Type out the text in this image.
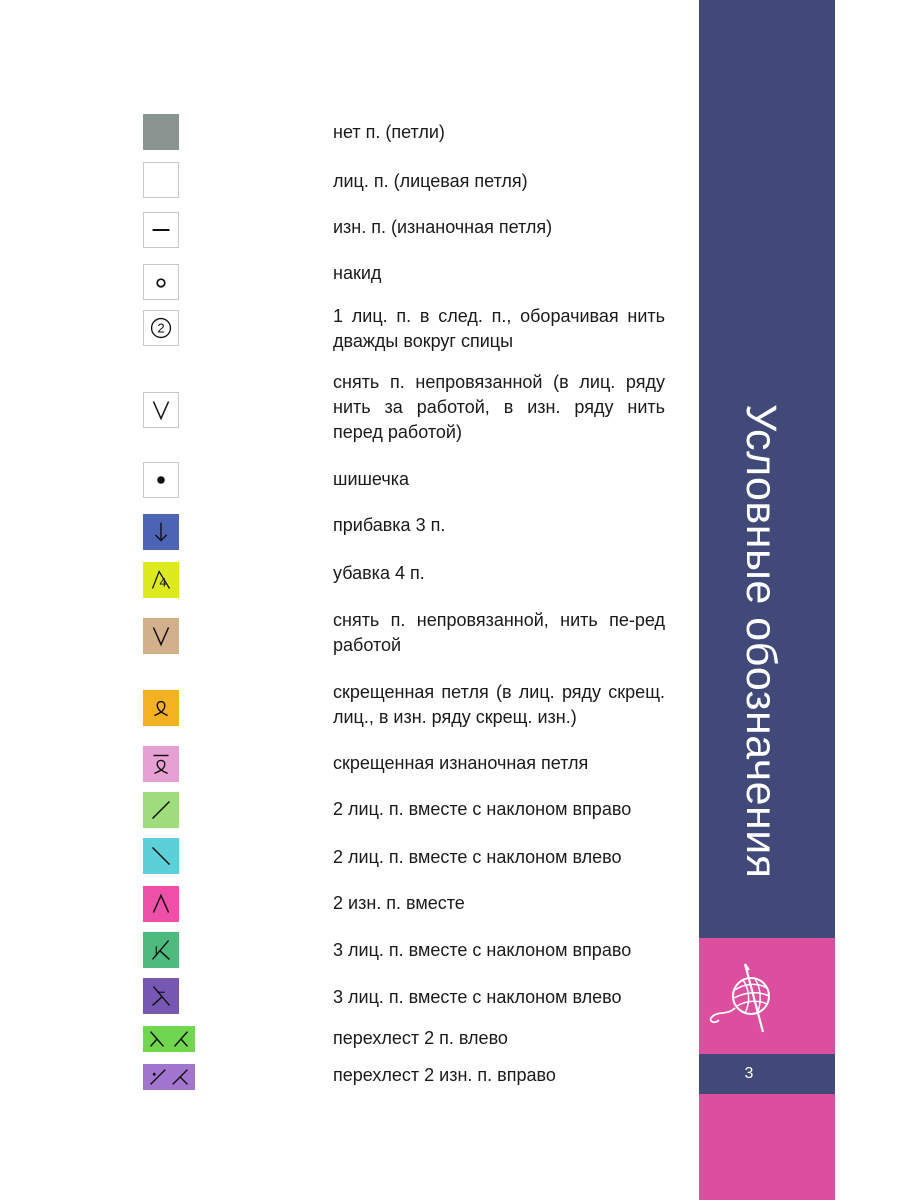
нет п. (петли)
лиц. п. (лицевая петля)
изн. п. (изнаночная петля)
накид
2
1 лиц. п. в след. п., оборачивая нить дважды вокруг спицы
снять п. непровязанной (в лиц. ряду нить за работой, в изн. ряду нить перед работой)
шишечка
прибавка 3 п.
4	убавка 4 п.
снять п. непровязанной, нить пе-ред работой
скрещенная петля (в лиц. ряду скрещ. лиц., в изн. ряду скрещ. изн.)
скрещенная изнаночная петля
2 лиц. п. вместе с наклоном вправо
2 лиц. п. вместе с наклоном влево
2 изн. п. вместе
3 лиц. п. вместе с наклоном вправо
3 лиц. п. вместе с наклоном влево
перехлест 2 п. влево
перехлест 2 изн. п. вправо
Условные обозначения
3
